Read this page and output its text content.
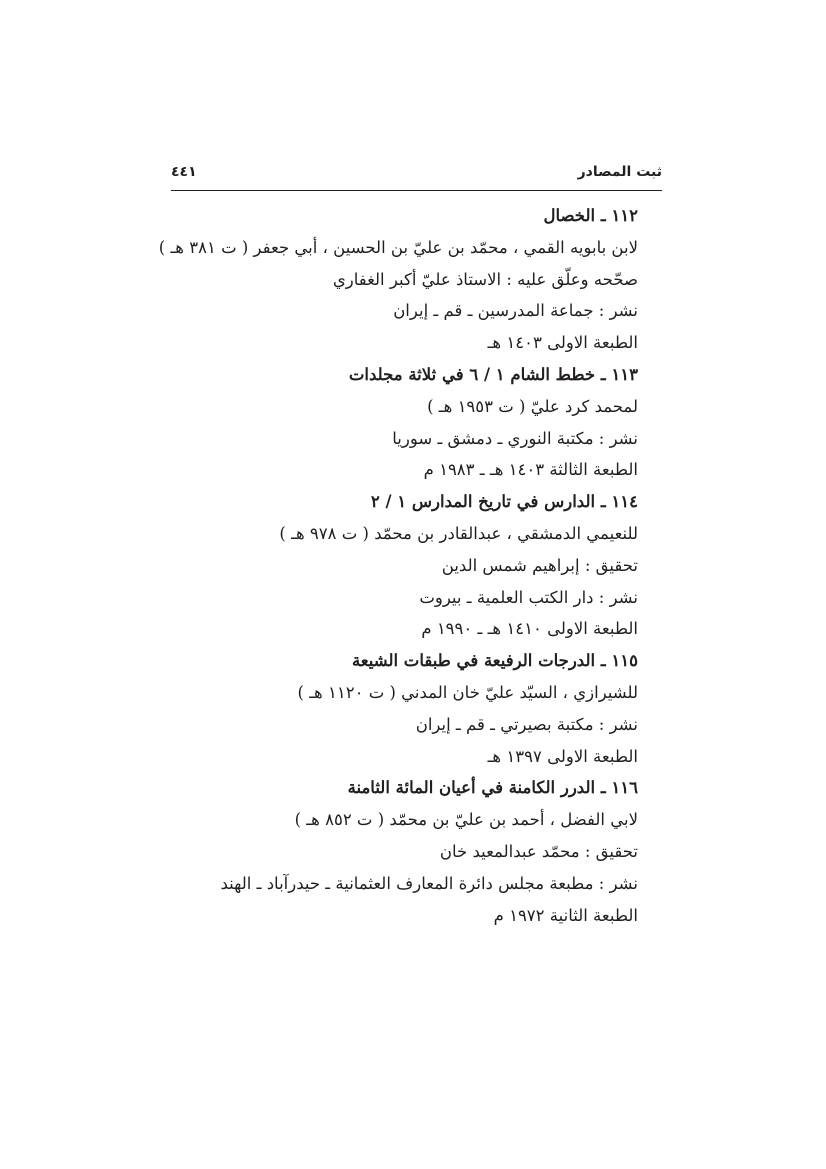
ثبت المصادر
٤٤١
١١٢ ـ الخصال
لابن بابويه القمي ، محمّد بن عليّ بن الحسين ، أبي جعفر ( ت ٣٨١ هـ )
صحّحه وعلّق عليه : الاستاذ عليّ أكبر الغفاري
نشر : جماعة المدرسين ـ قم ـ إيران
الطبعة الاولى ١٤٠٣ هـ
١١٣ ـ خطط الشام ١ / ٦ في ثلاثة مجلدات
لمحمد كرد عليّ ( ت ١٩٥٣ هـ )
نشر : مكتبة النوري ـ دمشق ـ سوريا
الطبعة الثالثة ١٤٠٣ هـ ـ ١٩٨٣ م
١١٤ ـ الدارس في تاريخ المدارس ١ / ٢
للنعيمي الدمشقي ، عبدالقادر بن محمّد ( ت ٩٧٨ هـ )
تحقيق : إبراهيم شمس الدين
نشر : دار الكتب العلمية ـ بيروت
الطبعة الاولى ١٤١٠ هـ ـ ١٩٩٠ م
١١٥ ـ الدرجات الرفيعة في طبقات الشيعة
للشيرازي ، السيّد عليّ خان المدني ( ت ١١٢٠ هـ )
نشر : مكتبة بصيرتي ـ قم ـ إيران
الطبعة الاولى ١٣٩٧ هـ
١١٦ ـ الدرر الكامنة في أعيان المائة الثامنة
لابي الفضل ، أحمد بن عليّ بن محمّد ( ت ٨٥٢ هـ )
تحقيق : محمّد عبدالمعيد خان
نشر : مطبعة مجلس دائرة المعارف العثمانية ـ حيدرآباد ـ الهند
الطبعة الثانية ١٩٧٢ م
